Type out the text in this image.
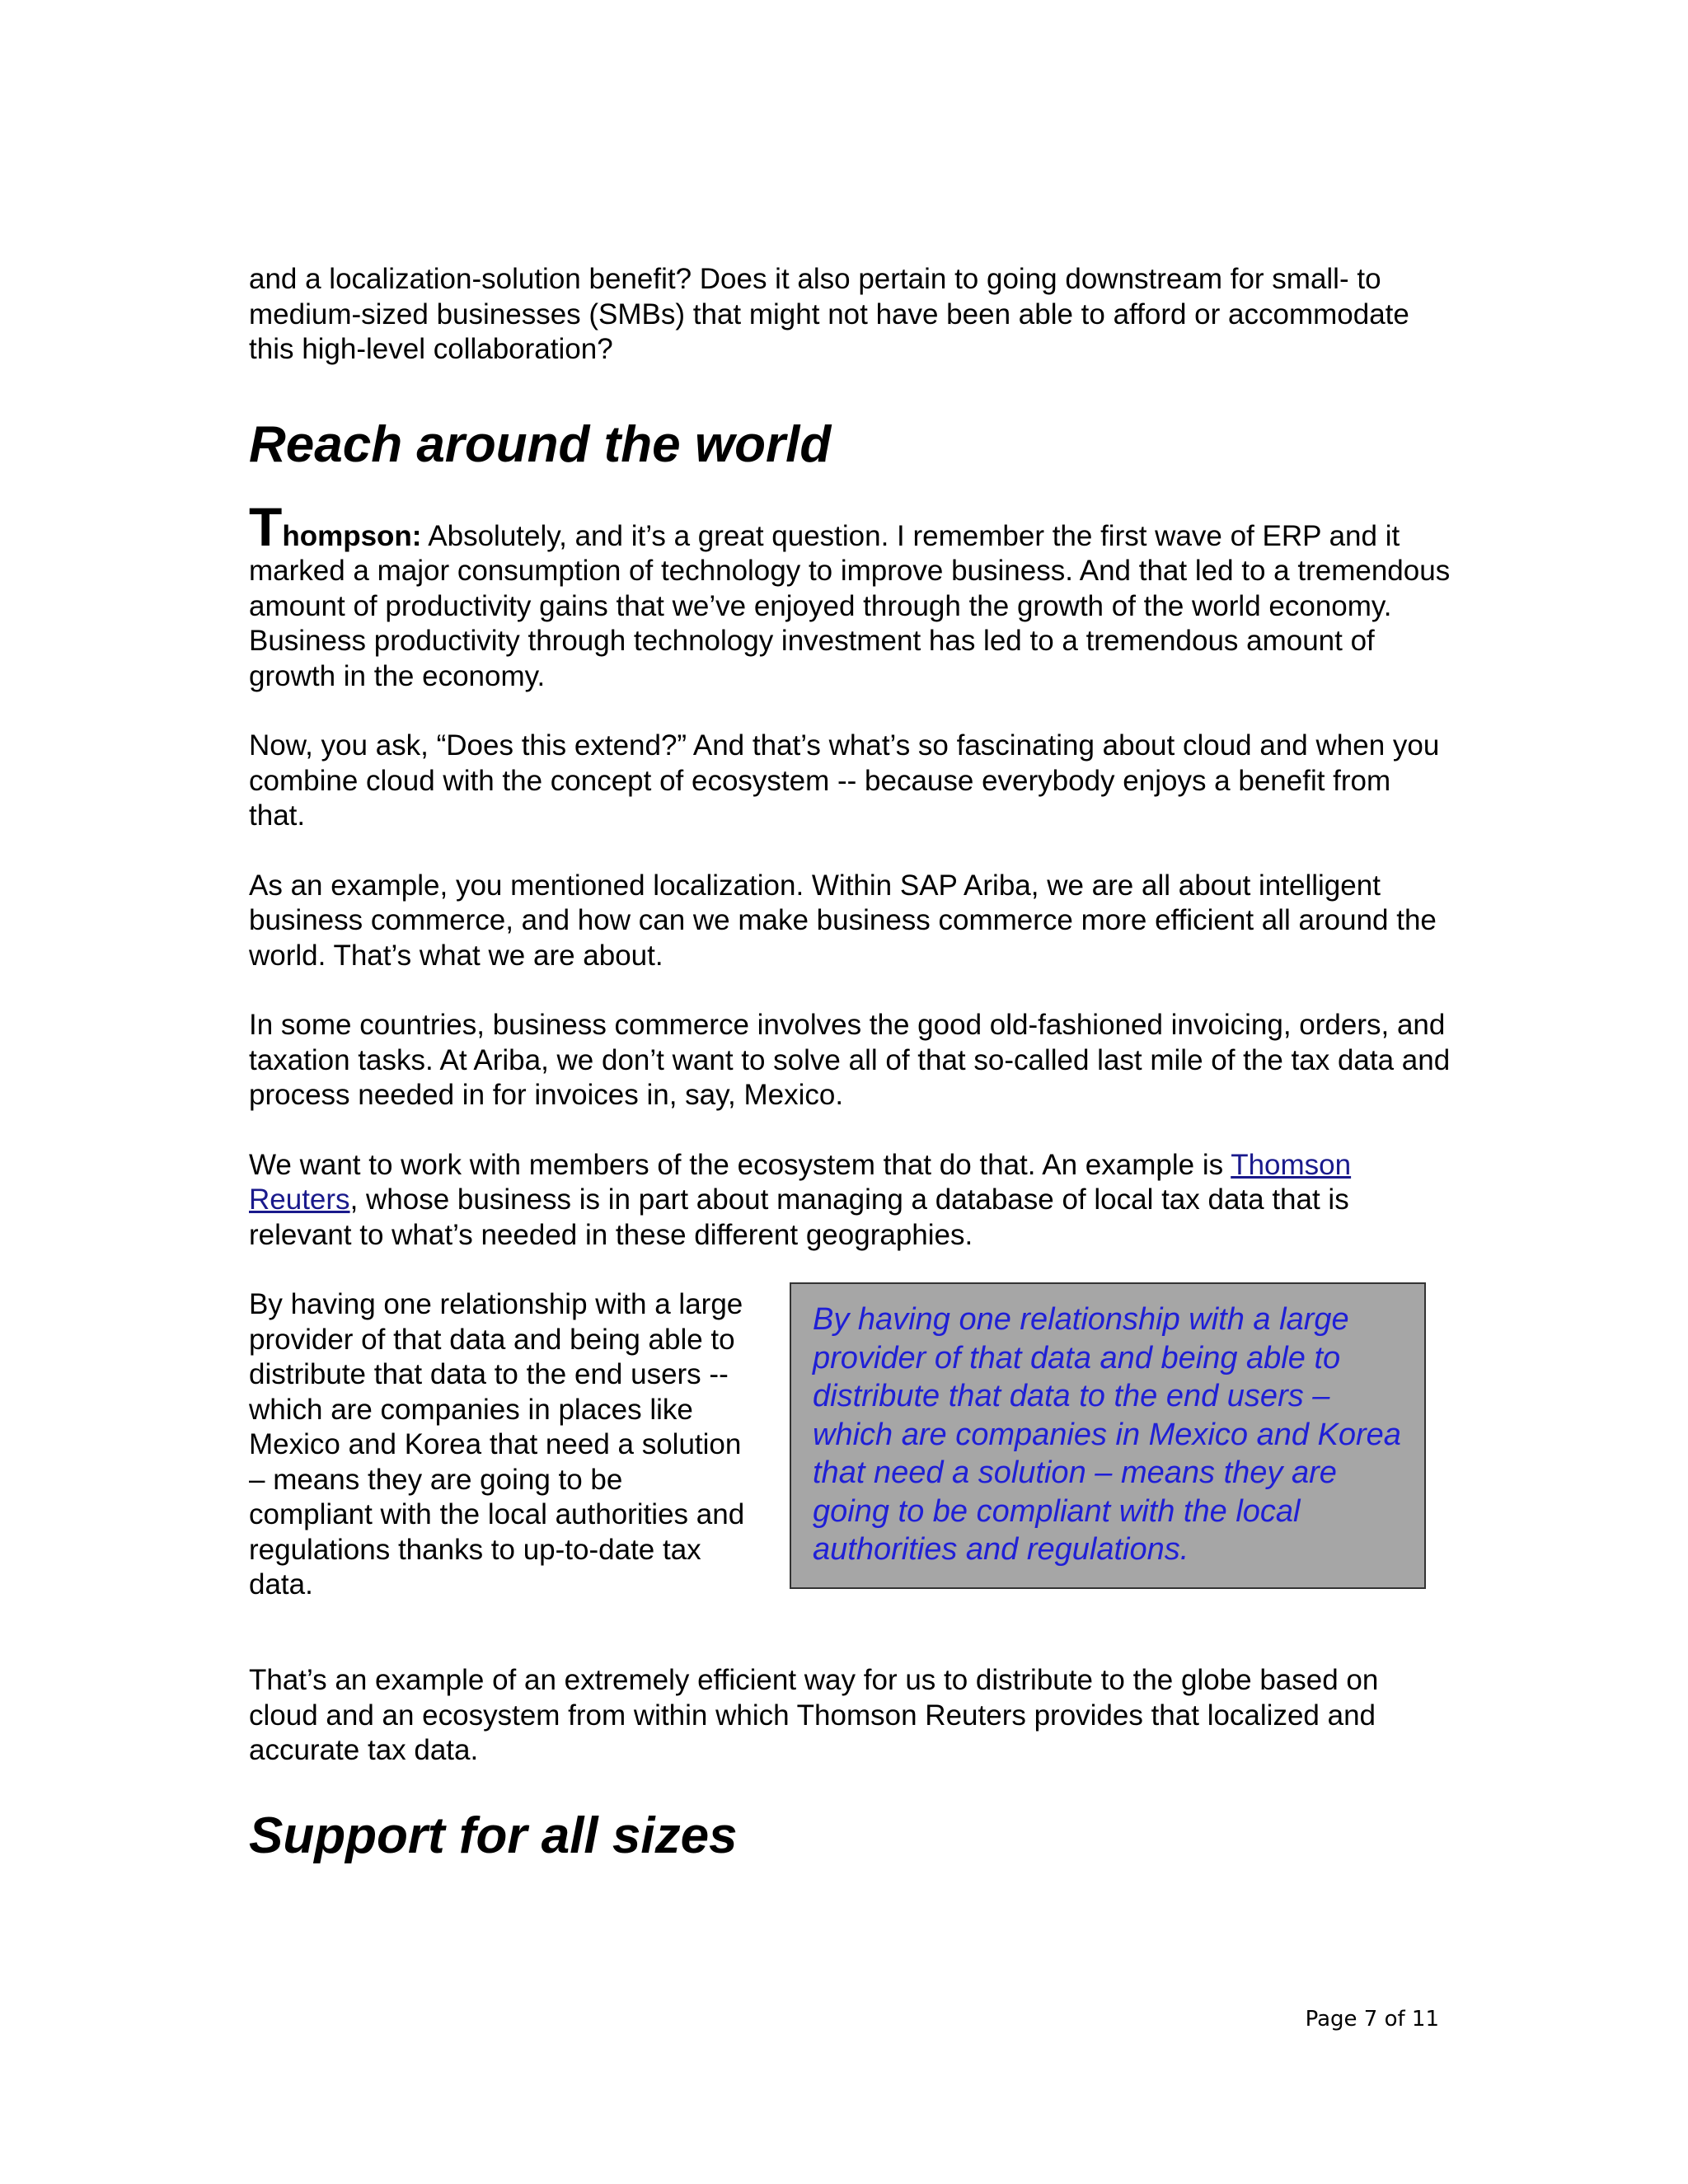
and a localization-solution benefit? Does it also pertain to going downstream for small- to medium-sized businesses (SMBs) that might not have been able to afford or accommodate this high-level collaboration?

Reach around the world

Thompson: Absolutely, and it’s a great question. I remember the first wave of ERP and it marked a major consumption of technology to improve business. And that led to a tremendous amount of productivity gains that we’ve enjoyed through the growth of the world economy. Business productivity through technology investment has led to a tremendous amount of growth in the economy.

Now, you ask, “Does this extend?” And that’s what’s so fascinating about cloud and when you combine cloud with the concept of ecosystem -- because everybody enjoys a benefit from that.

As an example, you mentioned localization. Within SAP Ariba, we are all about intelligent business commerce, and how can we make business commerce more efficient all around the world. That’s what we are about.

In some countries, business commerce involves the good old-fashioned invoicing, orders, and taxation tasks. At Ariba, we don’t want to solve all of that so-called last mile of the tax data and process needed in for invoices in, say, Mexico.

We want to work with members of the ecosystem that do that. An example is Thomson Reuters, whose business is in part about managing a database of local tax data that is relevant to what’s needed in these different geographies.

By having one relationship with a large provider of that data and being able to distribute that data to the end users -- which are companies in places like Mexico and Korea that need a solution – means they are going to be compliant with the local authorities and regulations thanks to up-to-date tax data.

By having one relationship with a large provider of that data and being able to distribute that data to the end users – which are companies in Mexico and Korea that need a solution – means they are going to be compliant with the local authorities and regulations.

That’s an example of an extremely efficient way for us to distribute to the globe based on cloud and an ecosystem from within which Thomson Reuters provides that localized and accurate tax data.

Support for all sizes
Page 7 of 11
